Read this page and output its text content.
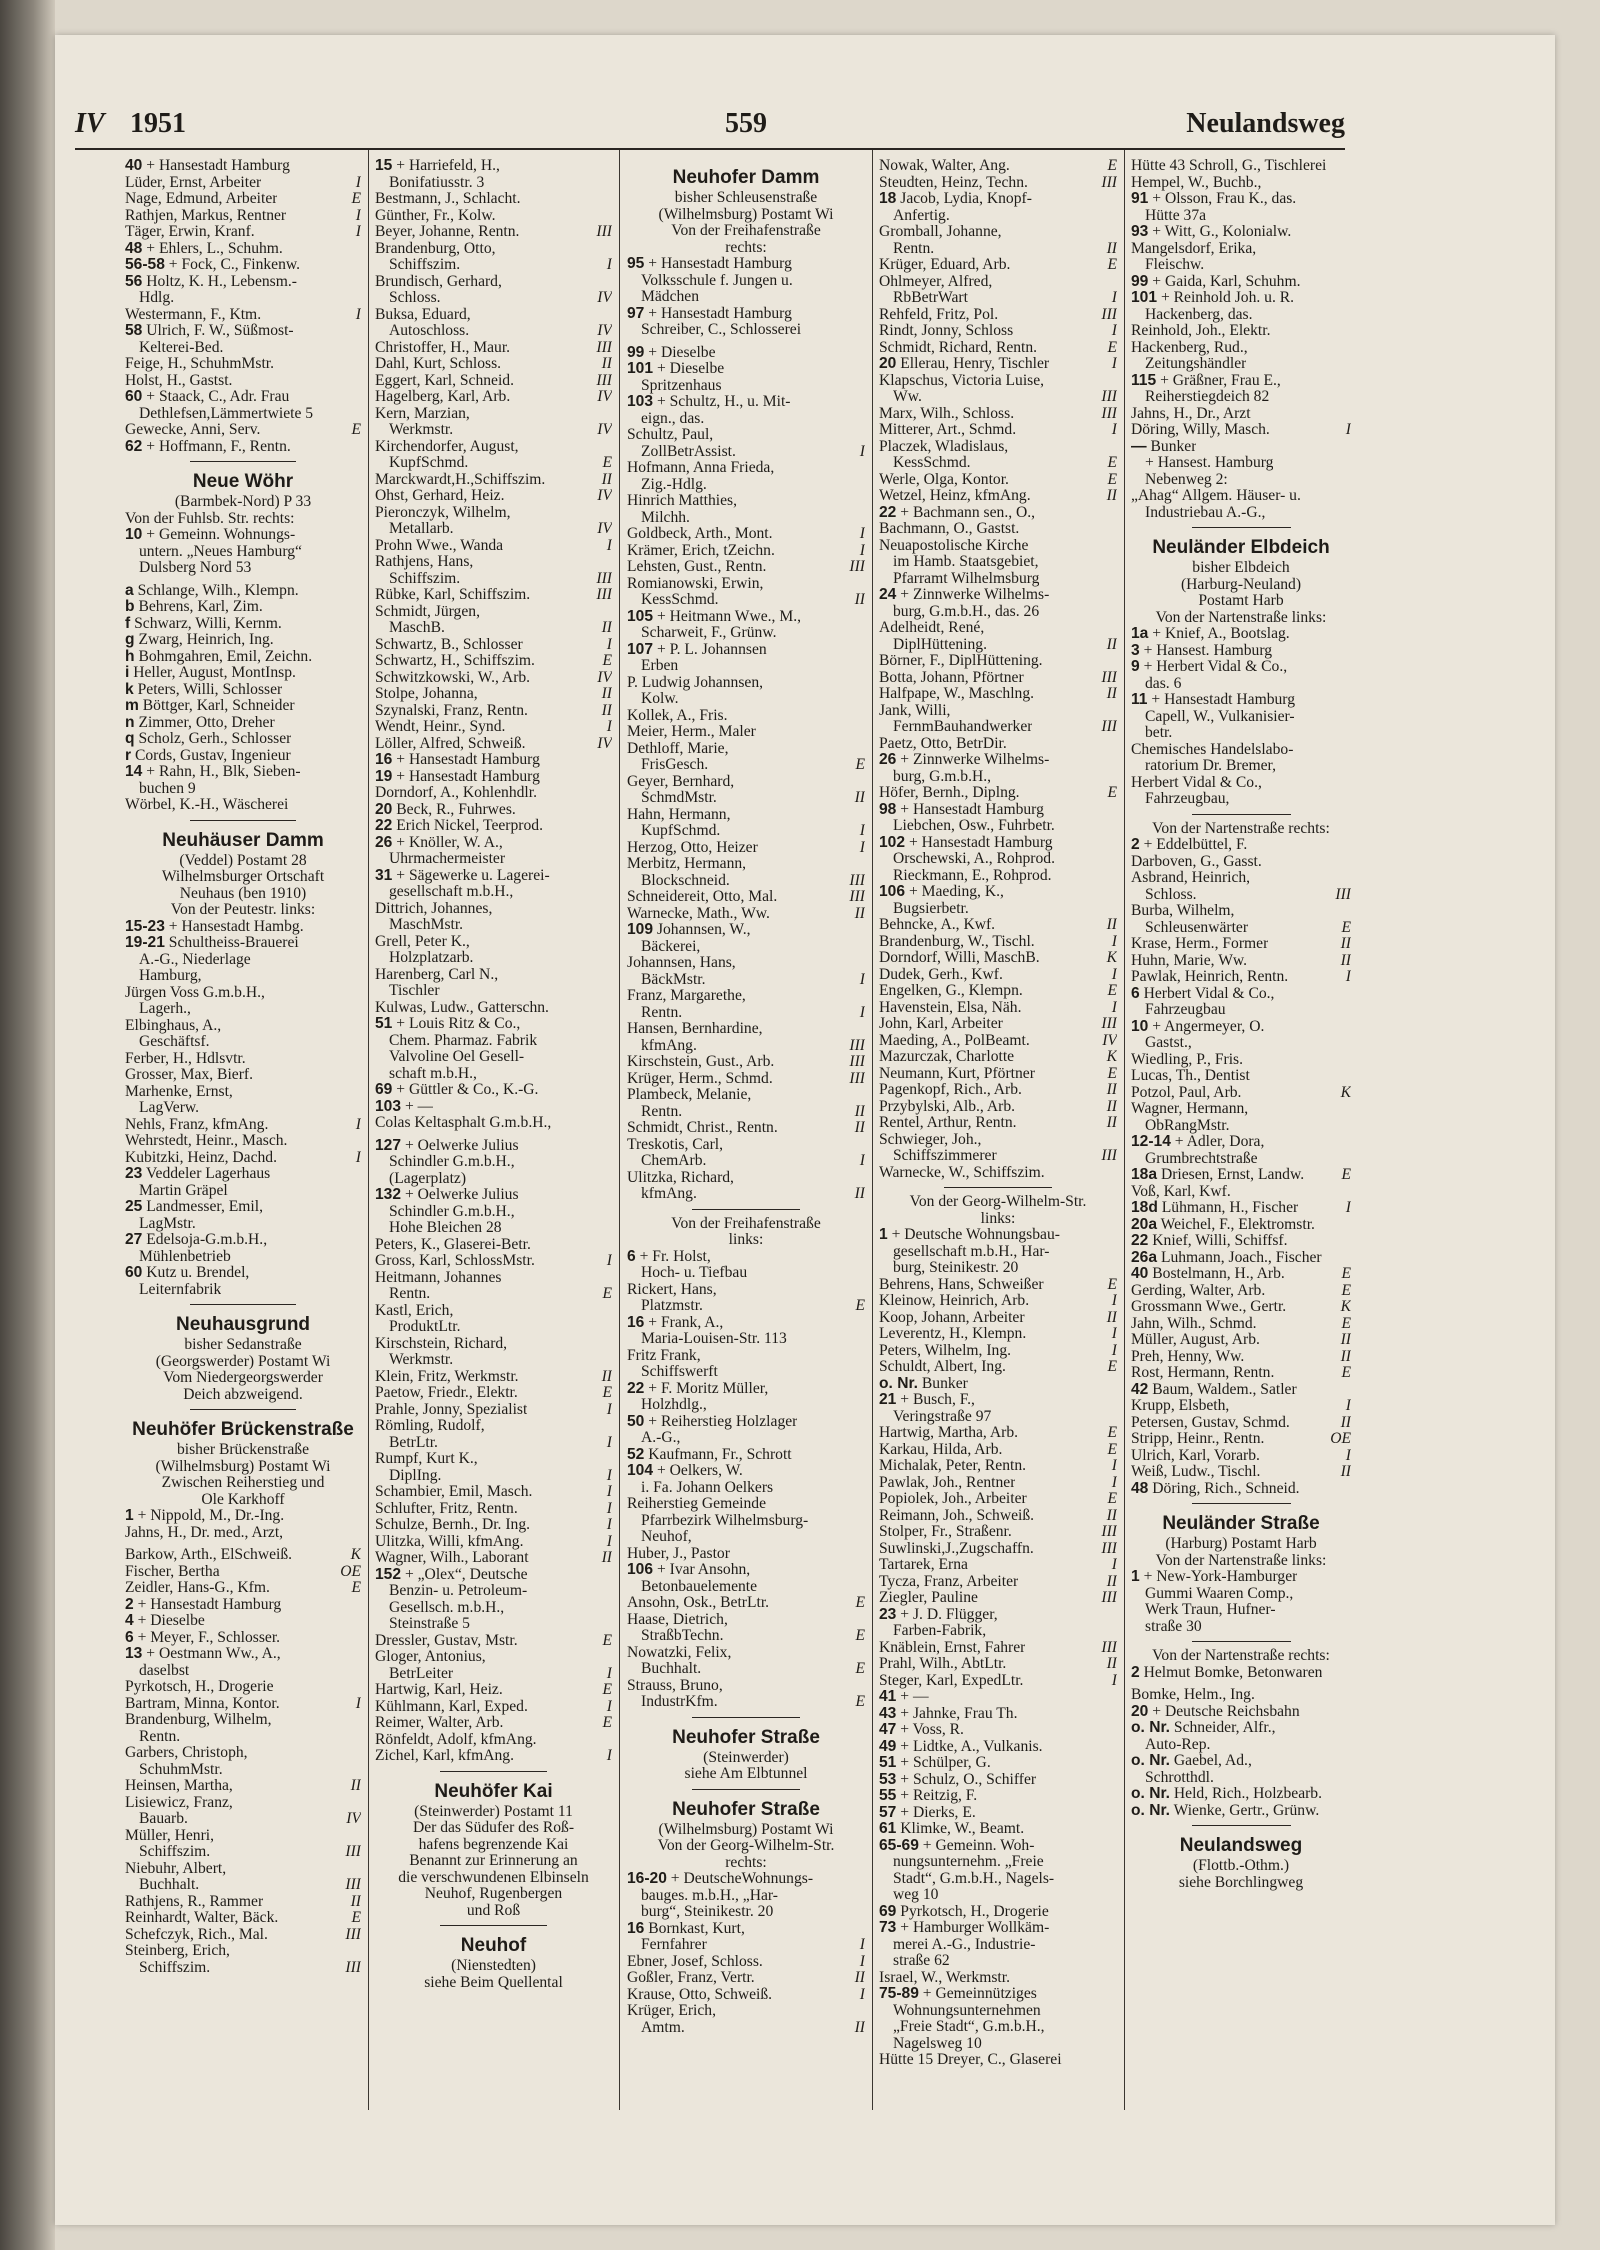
IV 1951	559	Neulandsweg
40 + Hansestadt Hamburg
Lüder, Ernst, Arbeiter	I
Nage, Edmund, Arbeiter	E
Rathjen, Markus, Rentner	I
Täger, Erwin, Kranf.	I
48 + Ehlers, L., Schuhm.
56-58 + Fock, C., Finkenw.
56 Holtz, K. H., Lebensm.-
Hdlg.
Westermann, F., Ktm.	I
58 Ulrich, F. W., Süßmost-
Kelterei-Bed.
Feige, H., SchuhmMstr.
Holst, H., Gastst.
60 + Staack, C., Adr. Frau
Dethlefsen,Lämmertwiete 5
Gewecke, Anni, Serv.	E
62 + Hoffmann, F., Rentn.
Neue Wöhr
(Barmbek-Nord) P 33
Von der Fuhlsb. Str. rechts:
10 + Gemeinn. Wohnungs-
untern. „Neues Hamburg“
Dulsberg Nord 53
a Schlange, Wilh., Klempn.
b Behrens, Karl, Zim.
f Schwarz, Willi, Kernm.
g Zwarg, Heinrich, Ing.
h Bohmgahren, Emil, Zeichn.
i Heller, August, MontInsp.
k Peters, Willi, Schlosser
m Böttger, Karl, Schneider
n Zimmer, Otto, Dreher
q Scholz, Gerh., Schlosser
r Cords, Gustav, Ingenieur
14 + Rahn, H., Blk, Sieben-
buchen 9
Wörbel, K.-H., Wäscherei
Neuhäuser Damm
(Veddel) Postamt 28
Wilhelmsburger Ortschaft
Neuhaus (ben 1910)
Von der Peutestr. links:
15-23 + Hansestadt Hambg.
19-21 Schultheiss-Brauerei
A.-G., Niederlage
Hamburg,
Jürgen Voss G.m.b.H.,
Lagerh.,
Elbinghaus, A.,
Geschäftsf.
Ferber, H., Hdlsvtr.
Grosser, Max, Bierf.
Marhenke, Ernst,
LagVerw.
Nehls, Franz, kfmAng.	I
Wehrstedt, Heinr., Masch.
Kubitzki, Heinz, Dachd.	I
23 Veddeler Lagerhaus
Martin Gräpel
25 Landmesser, Emil,
LagMstr.
27 Edelsoja-G.m.b.H.,
Mühlenbetrieb
60 Kutz u. Brendel,
Leiternfabrik
Neuhausgrund
bisher Sedanstraße
(Georgswerder) Postamt Wi
Vom Niedergeorgswerder
Deich abzweigend.
Neuhöfer Brückenstraße
bisher Brückenstraße
(Wilhelmsburg) Postamt Wi
Zwischen Reiherstieg und
Ole Karkhoff
1 + Nippold, M., Dr.-Ing.
Jahns, H., Dr. med., Arzt,
Barkow, Arth., ElSchweiß.	K
Fischer, Bertha	OE
Zeidler, Hans-G., Kfm.	E
2 + Hansestadt Hamburg
4 + Dieselbe
6 + Meyer, F., Schlosser.
13 + Oestmann Ww., A.,
daselbst
Pyrkotsch, H., Drogerie
Bartram, Minna, Kontor.	I
Brandenburg, Wilhelm,
Rentn.
Garbers, Christoph,
SchuhmMstr.
Heinsen, Martha,	II
Lisiewicz, Franz,
Bauarb.	IV
Müller, Henri,
Schiffszim.	III
Niebuhr, Albert,
Buchhalt.	III
Rathjens, R., Rammer	II
Reinhardt, Walter, Bäck.	E
Schefczyk, Rich., Mal.	III
Steinberg, Erich,
Schiffszim.	III
15 + Harriefeld, H.,
Bonifatiusstr. 3
Bestmann, J., Schlacht.
Günther, Fr., Kolw.
Beyer, Johanne, Rentn.	III
Brandenburg, Otto,
Schiffszim.	I
Brundisch, Gerhard,
Schloss.	IV
Buksa, Eduard,
Autoschloss.	IV
Christoffer, H., Maur.	III
Dahl, Kurt, Schloss.	II
Eggert, Karl, Schneid.	III
Hagelberg, Karl, Arb.	IV
Kern, Marzian,
Werkmstr.	IV
Kirchendorfer, August,
KupfSchmd.	E
Marckwardt,H.,Schiffszim.	II
Ohst, Gerhard, Heiz.	IV
Pieronczyk, Wilhelm,
Metallarb.	IV
Prohn Wwe., Wanda	I
Rathjens, Hans,
Schiffszim.	III
Rübke, Karl, Schiffszim.	III
Schmidt, Jürgen,
MaschB.	II
Schwartz, B., Schlosser	I
Schwartz, H., Schiffszim.	E
Schwitzkowski, W., Arb.	IV
Stolpe, Johanna,	II
Szynalski, Franz, Rentn.	II
Wendt, Heinr., Synd.	I
Löller, Alfred, Schweiß.	IV
16 + Hansestadt Hamburg
19 + Hansestadt Hamburg
Dorndorf, A., Kohlenhdlr.
20 Beck, R., Fuhrwes.
22 Erich Nickel, Teerprod.
26 + Knöller, W. A.,
Uhrmachermeister
31 + Sägewerke u. Lagerei-
gesellschaft m.b.H.,
Dittrich, Johannes,
MaschMstr.
Grell, Peter K.,
Holzplatzarb.
Harenberg, Carl N.,
Tischler
Kulwas, Ludw., Gatterschn.
51 + Louis Ritz & Co.,
Chem. Pharmaz. Fabrik
Valvoline Oel Gesell-
schaft m.b.H.,
69 + Güttler & Co., K.-G.
103 + —
Colas Keltasphalt G.m.b.H.,
127 + Oelwerke Julius
Schindler G.m.b.H.,
(Lagerplatz)
132 + Oelwerke Julius
Schindler G.m.b.H.,
Hohe Bleichen 28
Peters, K., Glaserei-Betr.
Gross, Karl, SchlossMstr.	I
Heitmann, Johannes
Rentn.	E
Kastl, Erich,
ProduktLtr.
Kirschstein, Richard,
Werkmstr.
Klein, Fritz, Werkmstr.	II
Paetow, Friedr., Elektr.	E
Prahle, Jonny, Spezialist	I
Römling, Rudolf,
BetrLtr.	I
Rumpf, Kurt K.,
DiplIng.	I
Schambier, Emil, Masch.	I
Schlufter, Fritz, Rentn.	I
Schulze, Bernh., Dr. Ing.	I
Ulitzka, Willi, kfmAng.	I
Wagner, Wilh., Laborant	II
152 + „Olex“, Deutsche
Benzin- u. Petroleum-
Gesellsch. m.b.H.,
Steinstraße 5
Dressler, Gustav, Mstr.	E
Gloger, Antonius,
BetrLeiter	I
Hartwig, Karl, Heiz.	E
Kühlmann, Karl, Exped.	I
Reimer, Walter, Arb.	E
Rönfeldt, Adolf, kfmAng.
Zichel, Karl, kfmAng.	I
Neuhöfer Kai
(Steinwerder) Postamt 11
Der das Südufer des Roß-
hafens begrenzende Kai
Benannt zur Erinnerung an
die verschwundenen Elbinseln
Neuhof, Rugenbergen
und Roß
Neuhof
(Nienstedten)
siehe Beim Quellental
Neuhofer Damm
bisher Schleusenstraße
(Wilhelmsburg) Postamt Wi
Von der Freihafenstraße
rechts:
95 + Hansestadt Hamburg
Volksschule f. Jungen u.
Mädchen
97 + Hansestadt Hamburg
Schreiber, C., Schlosserei
99 + Dieselbe
101 + Dieselbe
Spritzenhaus
103 + Schultz, H., u. Mit-
eign., das.
Schultz, Paul,
ZollBetrAssist.	I
Hofmann, Anna Frieda,
Zig.-Hdlg.
Hinrich Matthies,
Milchh.
Goldbeck, Arth., Mont.	I
Krämer, Erich, tZeichn.	I
Lehsten, Gust., Rentn.	III
Romianowski, Erwin,
KessSchmd.	II
105 + Heitmann Wwe., M.,
Scharweit, F., Grünw.
107 + P. L. Johannsen
Erben
P. Ludwig Johannsen,
Kolw.
Kollek, A., Fris.
Meier, Herm., Maler
Dethloff, Marie,
FrisGesch.	E
Geyer, Bernhard,
SchmdMstr.	II
Hahn, Hermann,
KupfSchmd.	I
Herzog, Otto, Heizer	I
Merbitz, Hermann,
Blockschneid.	III
Schneidereit, Otto, Mal.	III
Warnecke, Math., Ww.	II
109 Johannsen, W.,
Bäckerei,
Johannsen, Hans,
BäckMstr.	I
Franz, Margarethe,
Rentn.	I
Hansen, Bernhardine,
kfmAng.	III
Kirschstein, Gust., Arb.	III
Krüger, Herm., Schmd.	III
Plambeck, Melanie,
Rentn.	II
Schmidt, Christ., Rentn.	II
Treskotis, Carl,
ChemArb.	I
Ulitzka, Richard,
kfmAng.	II
Von der Freihafenstraße
links:
6 + Fr. Holst,
Hoch- u. Tiefbau
Rickert, Hans,
Platzmstr.	E
16 + Frank, A.,
Maria-Louisen-Str. 113
Fritz Frank,
Schiffswerft
22 + F. Moritz Müller,
Holzhdlg.,
50 + Reiherstieg Holzlager
A.-G.,
52 Kaufmann, Fr., Schrott
104 + Oelkers, W.
i. Fa. Johann Oelkers
Reiherstieg Gemeinde
Pfarrbezirk Wilhelmsburg-
Neuhof,
Huber, J., Pastor
106 + Ivar Ansohn,
Betonbauelemente
Ansohn, Osk., BetrLtr.	E
Haase, Dietrich,
StraßbTechn.	E
Nowatzki, Felix,
Buchhalt.	E
Strauss, Bruno,
IndustrKfm.	E
Neuhofer Straße
(Steinwerder)
siehe Am Elbtunnel
Neuhofer Straße
(Wilhelmsburg) Postamt Wi
Von der Georg-Wilhelm-Str.
rechts:
16-20 + DeutscheWohnungs-
bauges. m.b.H., „Har-
burg“, Steinikestr. 20
16 Bornkast, Kurt,
Fernfahrer	I
Ebner, Josef, Schloss.	I
Goßler, Franz, Vertr.	II
Krause, Otto, Schweiß.	I
Krüger, Erich,
Amtm.	II
Nowak, Walter, Ang.	E
Steudten, Heinz, Techn.	III
18 Jacob, Lydia, Knopf-
Anfertig.
Gromball, Johanne,
Rentn.	II
Krüger, Eduard, Arb.	E
Ohlmeyer, Alfred,
RbBetrWart	I
Rehfeld, Fritz, Pol.	III
Rindt, Jonny, Schloss	I
Schmidt, Richard, Rentn.	E
20 Ellerau, Henry, Tischler	I
Klapschus, Victoria Luise,
Ww.	III
Marx, Wilh., Schloss.	III
Mitterer, Art., Schmd.	I
Placzek, Wladislaus,
KessSchmd.	E
Werle, Olga, Kontor.	E
Wetzel, Heinz, kfmAng.	II
22 + Bachmann sen., O.,
Bachmann, O., Gastst.
Neuapostolische Kirche
im Hamb. Staatsgebiet,
Pfarramt Wilhelmsburg
24 + Zinnwerke Wilhelms-
burg, G.m.b.H., das. 26
Adelheidt, René,
DiplHüttening.	II
Börner, F., DiplHüttening.
Botta, Johann, Pförtner	III
Halfpape, W., Maschlng.	II
Jank, Willi,
FernmBauhandwerker	III
Paetz, Otto, BetrDir.
26 + Zinnwerke Wilhelms-
burg, G.m.b.H.,
Höfer, Bernh., Diplng.	E
98 + Hansestadt Hamburg
Liebchen, Osw., Fuhrbetr.
102 + Hansestadt Hamburg
Orschewski, A., Rohprod.
Rieckmann, E., Rohprod.
106 + Maeding, K.,
Bugsierbetr.
Behncke, A., Kwf.	II
Brandenburg, W., Tischl.	I
Dorndorf, Willi, MaschB.	K
Dudek, Gerh., Kwf.	I
Engelken, G., Klempn.	E
Havenstein, Elsa, Näh.	I
John, Karl, Arbeiter	III
Maeding, A., PolBeamt.	IV
Mazurczak, Charlotte	K
Neumann, Kurt, Pförtner	E
Pagenkopf, Rich., Arb.	II
Przybylski, Alb., Arb.	II
Rentel, Arthur, Rentn.	II
Schwieger, Joh.,
Schiffszimmerer	III
Warnecke, W., Schiffszim.
Von der Georg-Wilhelm-Str.
links:
1 + Deutsche Wohnungsbau-
gesellschaft m.b.H., Har-
burg, Steinikestr. 20
Behrens, Hans, Schweißer	E
Kleinow, Heinrich, Arb.	I
Koop, Johann, Arbeiter	II
Leverentz, H., Klempn.	I
Peters, Wilhelm, Ing.	I
Schuldt, Albert, Ing.	E
o. Nr. Bunker
21 + Busch, F.,
Veringstraße 97
Hartwig, Martha, Arb.	E
Karkau, Hilda, Arb.	E
Michalak, Peter, Rentn.	I
Pawlak, Joh., Rentner	I
Popiolek, Joh., Arbeiter	E
Reimann, Joh., Schweiß.	II
Stolper, Fr., Straßenr.	III
Suwlinski,J.,Zugschaffn.	III
Tartarek, Erna	I
Tycza, Franz, Arbeiter	II
Ziegler, Pauline	III
23 + J. D. Flügger,
Farben-Fabrik,
Knäblein, Ernst, Fahrer	III
Prahl, Wilh., AbtLtr.	II
Steger, Karl, ExpedLtr.	I
41 + —
43 + Jahnke, Frau Th.
47 + Voss, R.
49 + Lidtke, A., Vulkanis.
51 + Schülper, G.
53 + Schulz, O., Schiffer
55 + Reitzig, F.
57 + Dierks, E.
61 Klimke, W., Beamt.
65-69 + Gemeinn. Woh-
nungsunternehm. „Freie
Stadt“, G.m.b.H., Nagels-
weg 10
69 Pyrkotsch, H., Drogerie
73 + Hamburger Wollkäm-
merei A.-G., Industrie-
straße 62
Israel, W., Werkmstr.
75-89 + Gemeinnütziges
Wohnungsunternehmen
„Freie Stadt“, G.m.b.H.,
Nagelsweg 10
Hütte 15 Dreyer, C., Glaserei
Hütte 43 Schroll, G., Tischlerei
Hempel, W., Buchb.,
91 + Olsson, Frau K., das.
Hütte 37a
93 + Witt, G., Kolonialw.
Mangelsdorf, Erika,
Fleischw.
99 + Gaida, Karl, Schuhm.
101 + Reinhold Joh. u. R.
Hackenberg, das.
Reinhold, Joh., Elektr.
Hackenberg, Rud.,
Zeitungshändler
115 + Gräßner, Frau E.,
Reiherstiegdeich 82
Jahns, H., Dr., Arzt
Döring, Willy, Masch.	I
— Bunker
+ Hansest. Hamburg
Nebenweg 2:
„Ahag“ Allgem. Häuser- u.
Industriebau A.-G.,
Neuländer Elbdeich
bisher Elbdeich
(Harburg-Neuland)
Postamt Harb
Von der Nartenstraße links:
1a + Knief, A., Bootslag.
3 + Hansest. Hamburg
9 + Herbert Vidal & Co.,
das. 6
11 + Hansestadt Hamburg
Capell, W., Vulkanisier-
betr.
Chemisches Handelslabo-
ratorium Dr. Bremer,
Herbert Vidal & Co.,
Fahrzeugbau,
Von der Nartenstraße rechts:
2 + Eddelbüttel, F.
Darboven, G., Gasst.
Asbrand, Heinrich,
Schloss.	III
Burba, Wilhelm,
Schleusenwärter	E
Krase, Herm., Former	II
Huhn, Marie, Ww.	II
Pawlak, Heinrich, Rentn.	I
6 Herbert Vidal & Co.,
Fahrzeugbau
10 + Angermeyer, O.
Gastst.,
Wiedling, P., Fris.
Lucas, Th., Dentist
Potzol, Paul, Arb.	K
Wagner, Hermann,
ObRangMstr.
12-14 + Adler, Dora,
Grumbrechtstraße
18a Driesen, Ernst, Landw. E
Voß, Karl, Kwf.
18d Lühmann, H., Fischer	I
20a Weichel, F., Elektromstr.
22 Knief, Willi, Schiffsf.
26a Luhmann, Joach., Fischer
40 Bostelmann, H., Arb.	E
Gerding, Walter, Arb.	E
Grossmann Wwe., Gertr.	K
Jahn, Wilh., Schmd.	E
Müller, August, Arb.	II
Preh, Henny, Ww.	II
Rost, Hermann, Rentn.	E
42 Baum, Waldem., Satler
Krupp, Elsbeth,	I
Petersen, Gustav, Schmd.	II
Stripp, Heinr., Rentn.	OE
Ulrich, Karl, Vorarb.	I
Weiß, Ludw., Tischl.	II
48 Döring, Rich., Schneid.
Neuländer Straße
(Harburg) Postamt Harb
Von der Nartenstraße links:
1 + New-York-Hamburger
Gummi Waaren Comp.,
Werk Traun, Hufner-
straße 30
Von der Nartenstraße rechts:
2 Helmut Bomke, Betonwaren
Bomke, Helm., Ing.
20 + Deutsche Reichsbahn
o. Nr. Schneider, Alfr.,
Auto-Rep.
o. Nr. Gaebel, Ad.,
Schrotthdl.
o. Nr. Held, Rich., Holzbearb.
o. Nr. Wienke, Gertr., Grünw.
Neulandsweg
(Flottb.-Othm.)
siehe Borchlingweg
